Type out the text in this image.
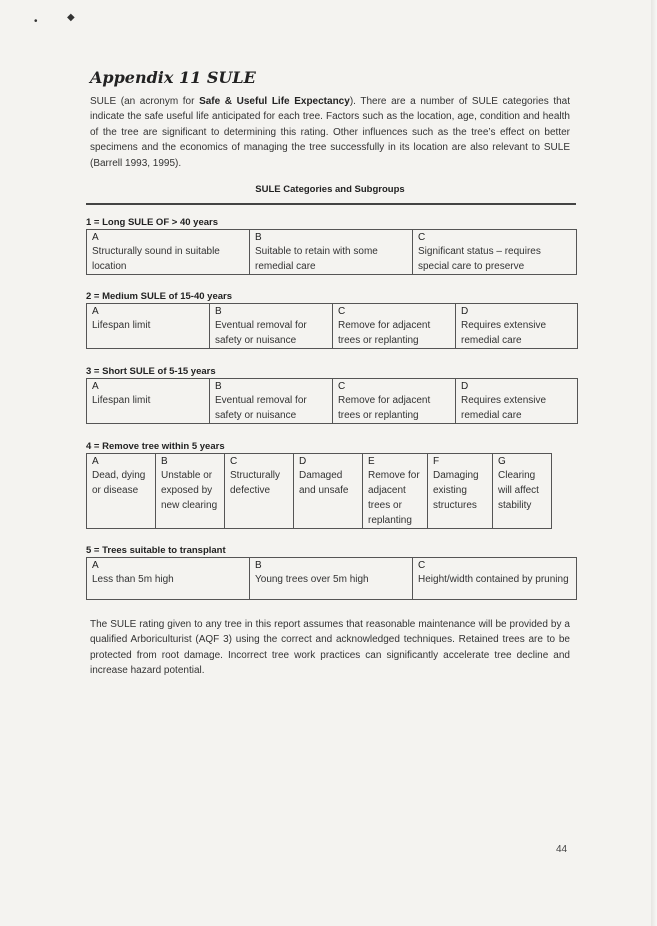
•	◆
Appendix 11 SULE
SULE (an acronym for Safe & Useful Life Expectancy). There are a number of SULE categories that indicate the safe useful life anticipated for each tree. Factors such as the location, age, condition and health of the tree are significant to determining this rating. Other influences such as the tree’s effect on better specimens and the economics of managing the tree successfully in its location are also relevant to SULE (Barrell 1993, 1995).
SULE Categories and Subgroups
1 = Long SULE OF > 40 years
A
Structurally sound in suitable location	
B
Suitable to retain with some remedial care	
C
Significant status – requires special care to preserve
2 = Medium SULE of 15-40 years
A
Lifespan limit	
B
Eventual removal for safety or nuisance	
C
Remove for adjacent trees or replanting	
D
Requires extensive remedial care
3 = Short SULE of 5-15 years
A
Lifespan limit	
B
Eventual removal for safety or nuisance	
C
Remove for adjacent trees or replanting	
D
Requires extensive remedial care
4 = Remove tree within 5 years
A
Dead, dying or disease	
B
Unstable or exposed by new clearing	
C
Structurally defective	
D
Damaged and unsafe	
E
Remove for adjacent trees or replanting	
F
Damaging existing structures	
G
Clearing will affect stability
5 = Trees suitable to transplant
A
Less than 5m high	
B
Young trees over 5m high	
C
Height/width contained by pruning
The SULE rating given to any tree in this report assumes that reasonable maintenance will be provided by a qualified Arboriculturist (AQF 3) using the correct and acknowledged techniques. Retained trees are to be protected from root damage. Incorrect tree work practices can significantly accelerate tree decline and increase hazard potential.
44
